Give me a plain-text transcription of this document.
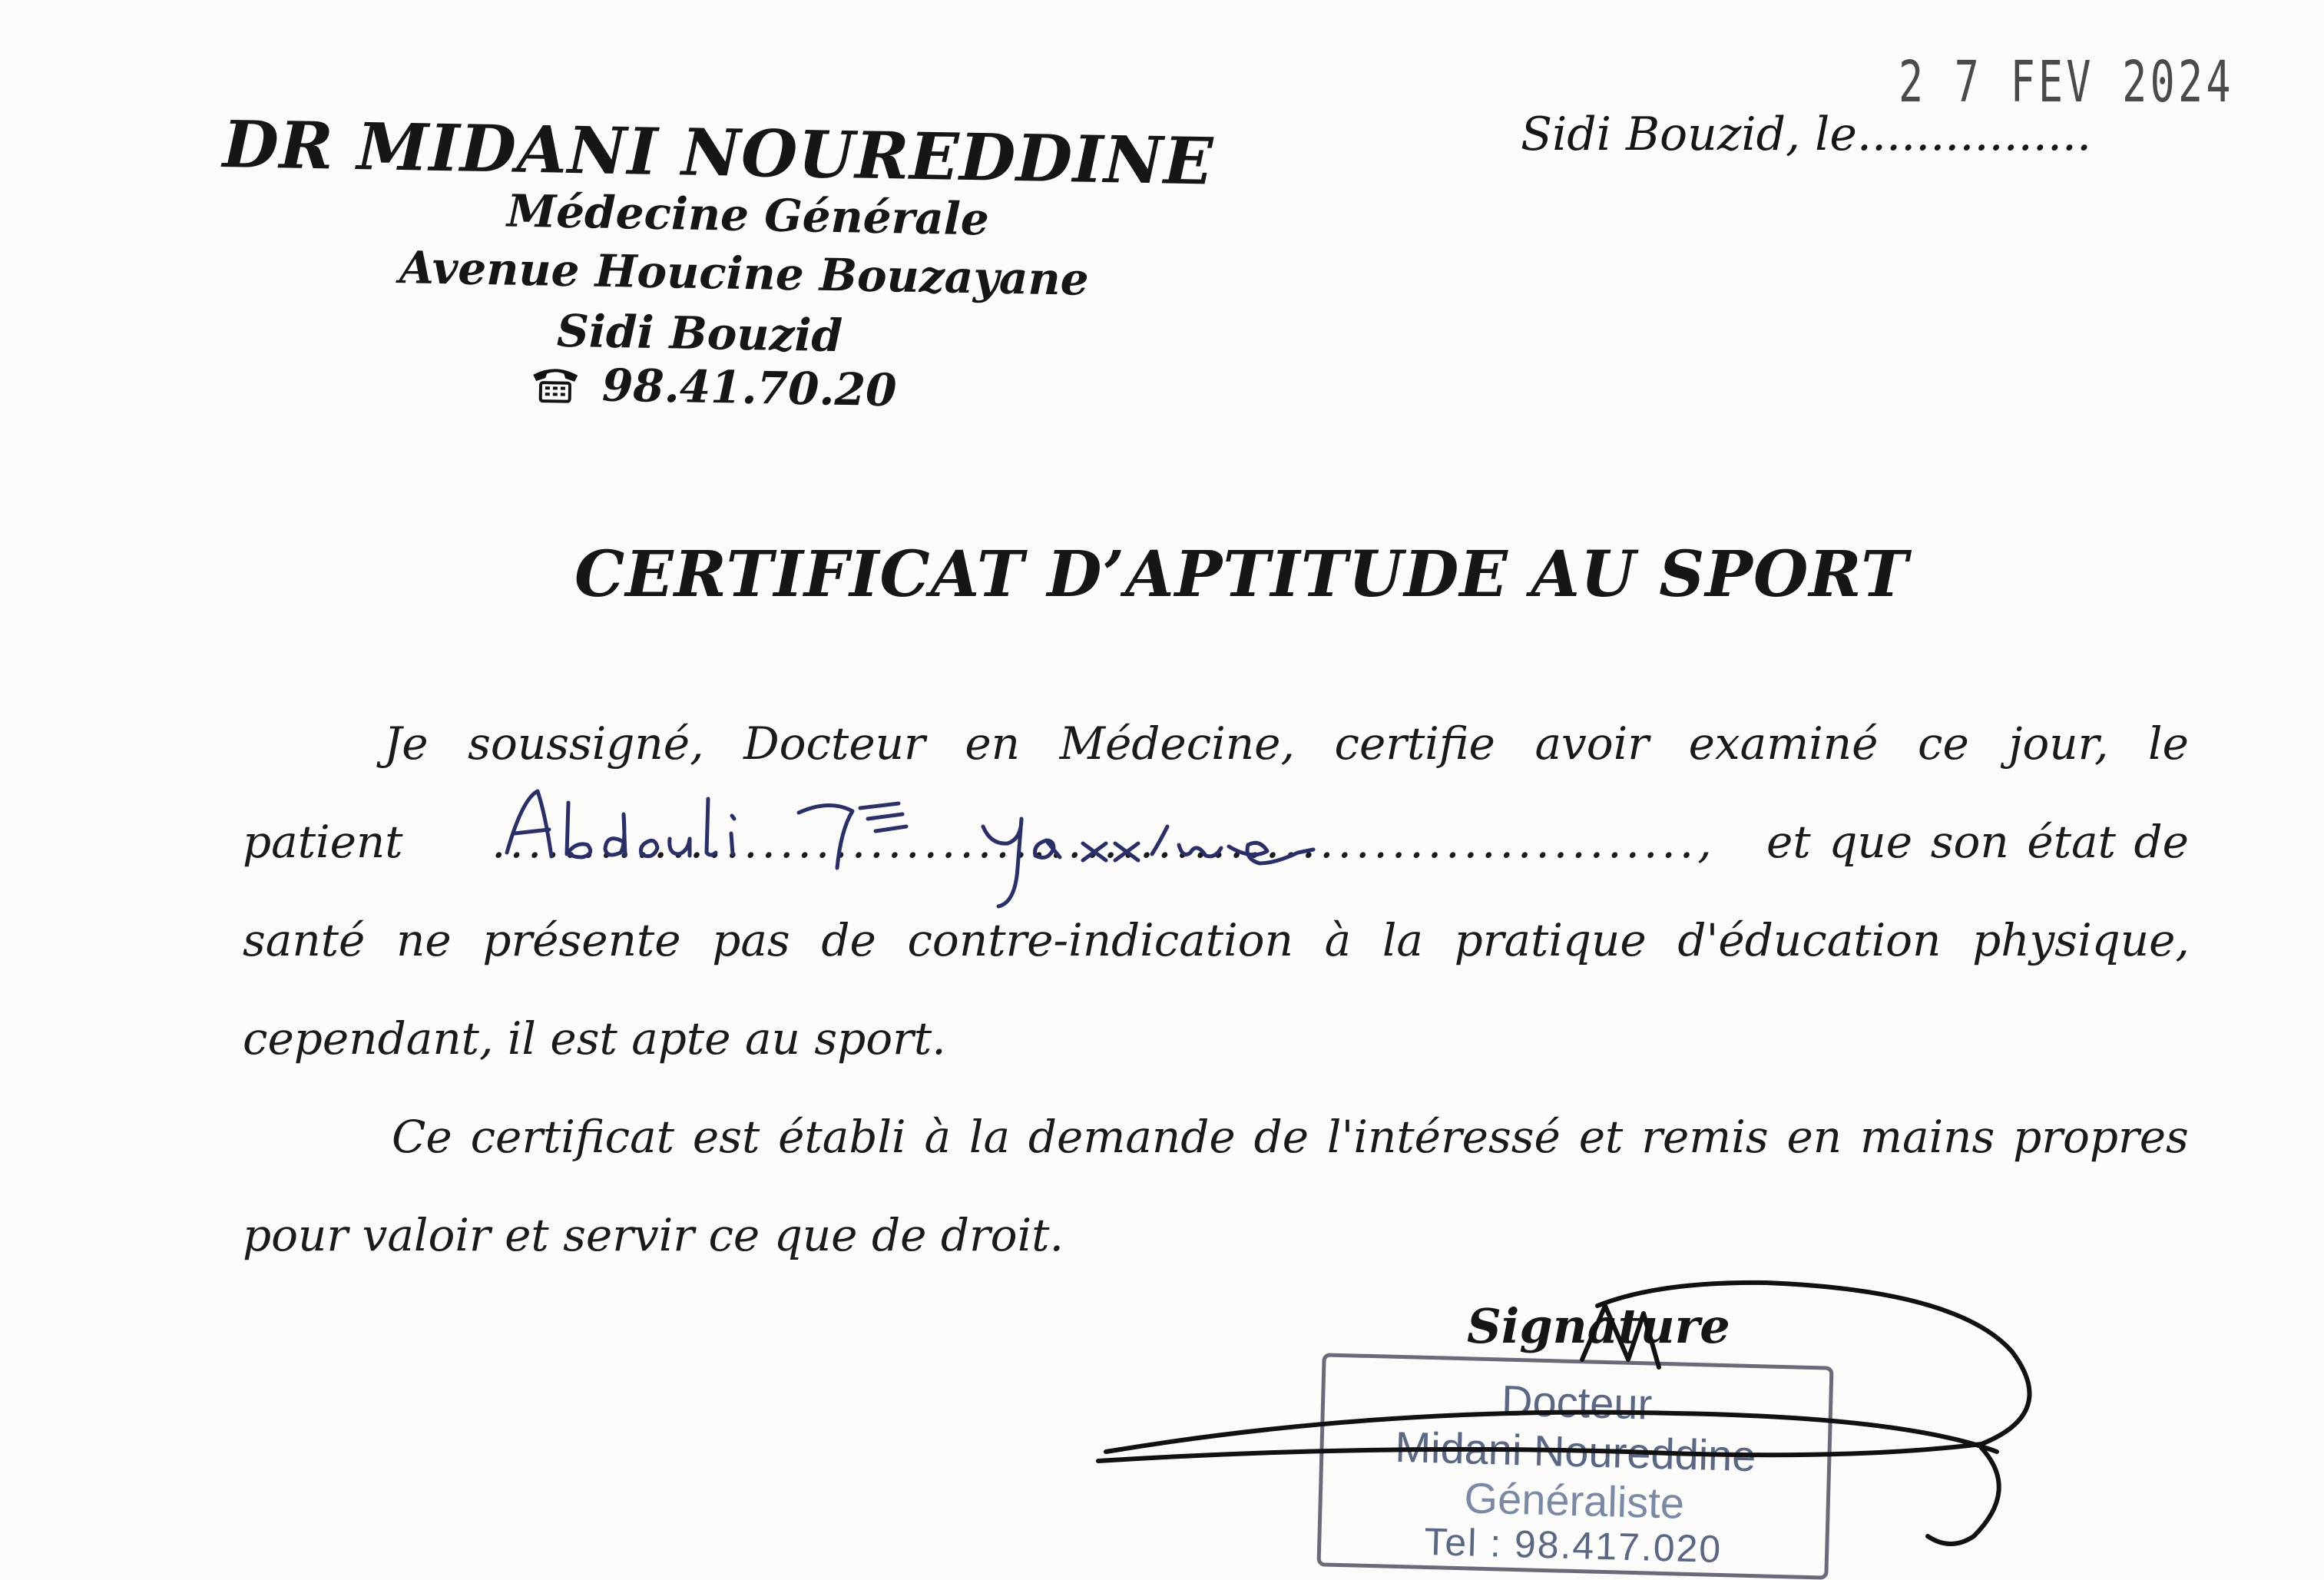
DR MIDANI NOUREDDINE
Médecine Générale
Avenue Houcine Bouzayane
Sidi Bouzid
98.41.70.20
Sidi Bouzid, le................
2 7 FEV 2024
CERTIFICAT D’APTITUDE AU SPORT
Je soussigné, Docteur en Médecine, certifie avoir examiné ce jour, le
patient ..................................................................., et que son état de
santé ne présente pas de contre-indication à la pratique d'éducation physique,
cependant, il est apte au sport.
Ce certificat est établi à la demande de l'intéressé et remis en mains propres
pour valoir et servir ce que de droit.
Signature
Docteur
Midani Noureddine
Généraliste
Tel : 98.417.020
